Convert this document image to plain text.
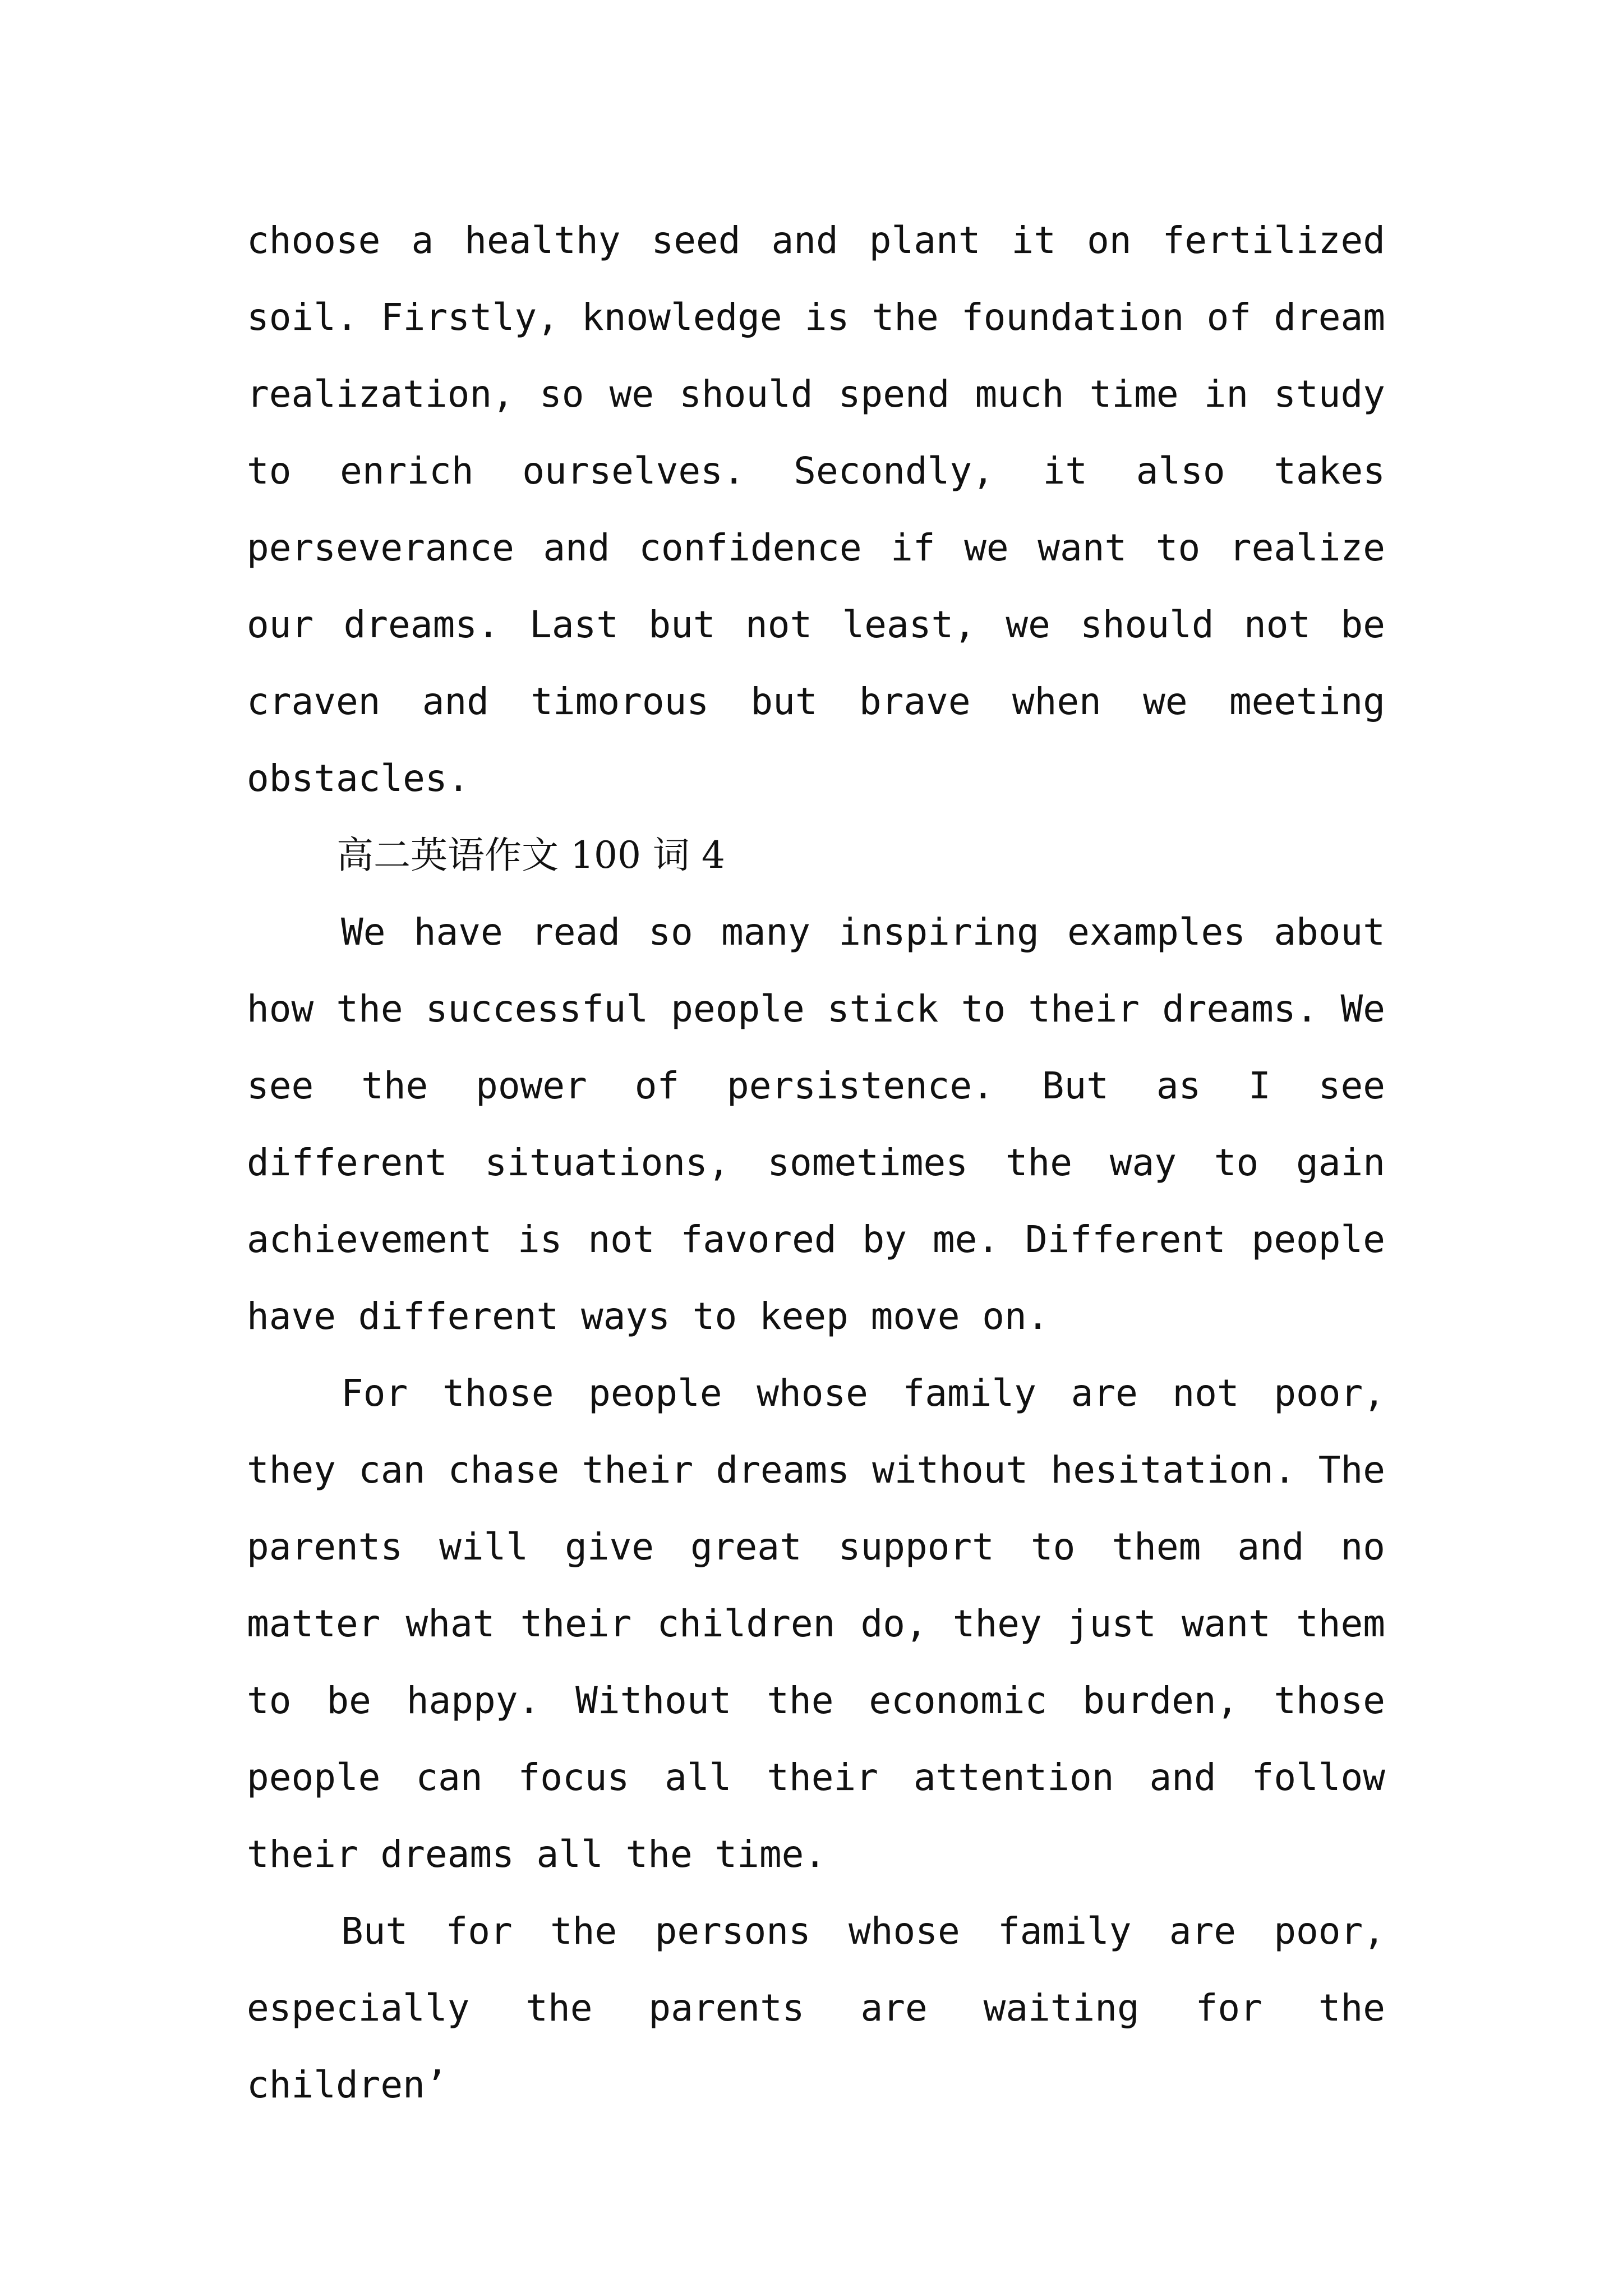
choose a healthy seed and plant it on fertilized soil. Firstly, knowledge is the foundation of dream realization, so we should spend much time in study to enrich ourselves. Secondly, it also takes perseverance and confidence if we want to realize our dreams. Last but not least, we should not be craven and timorous but brave when we meeting obstacles.

高二英语作文 100 词 4

We have read so many inspiring examples about how the successful people stick to their dreams. We see the power of persistence. But as I see different situations, sometimes the way to gain achievement is not favored by me. Different people have different ways to keep move on.

For those people whose family are not poor, they can chase their dreams without hesitation. The parents will give great support to them and no matter what their children do, they just want them to be happy. Without the economic burden, those people can focus all their attention and follow their dreams all the time.

But for the persons whose family are poor, especially the parents are waiting for the children’
